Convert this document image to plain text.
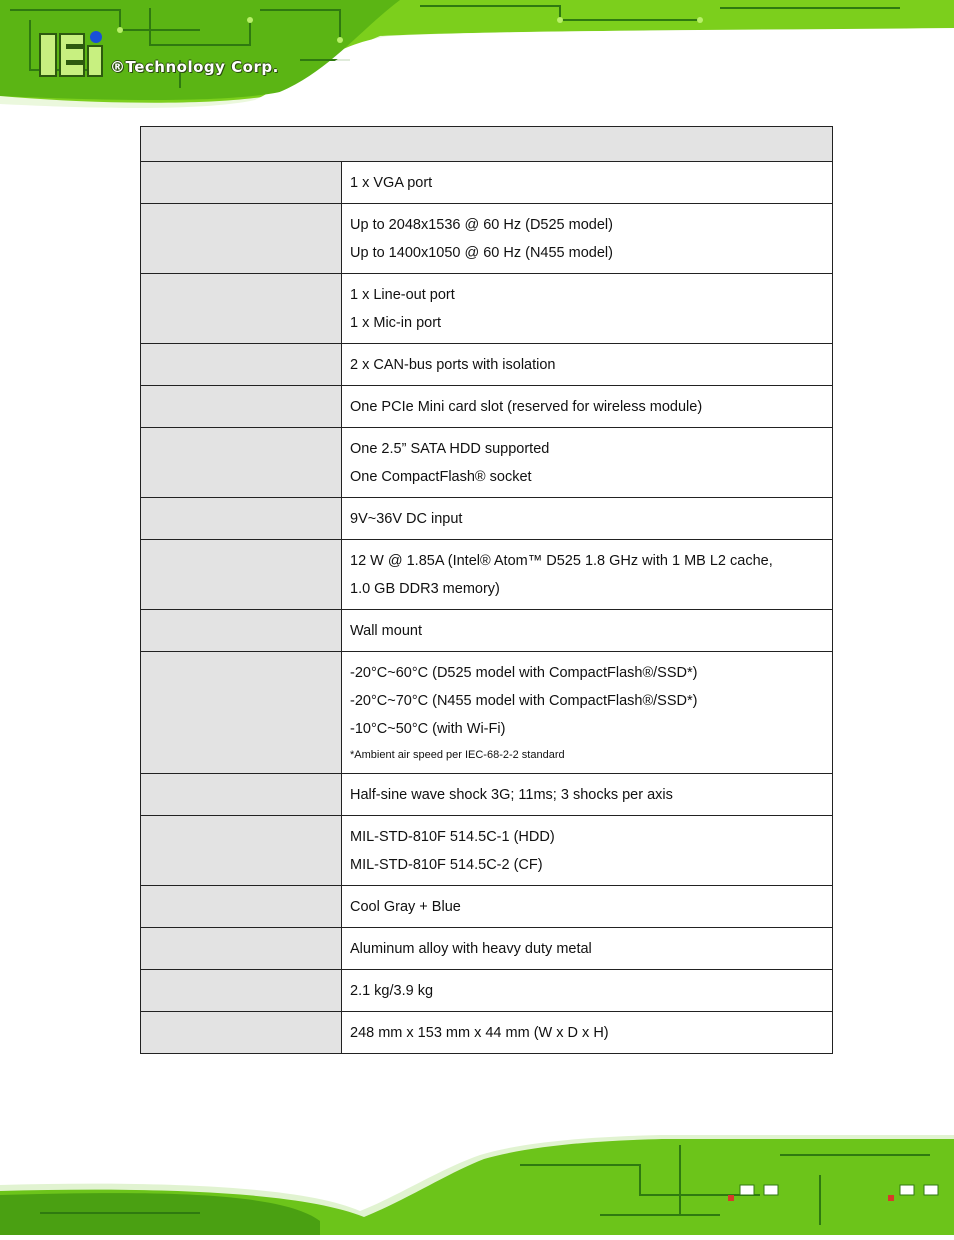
®Technology Corp.

	1 x VGA port

	Up to 2048x1536 @ 60 Hz (D525 model)
Up to 1400x1050 @ 60 Hz (N455 model)

	1 x Line-out port
1 x Mic-in port

	2 x CAN-bus ports with isolation

	One PCIe Mini card slot (reserved for wireless module)

	One 2.5” SATA HDD supported
One CompactFlash® socket

	9V~36V DC input

	12 W @ 1.85A (Intel® Atom™ D525 1.8 GHz with 1 MB L2 cache,
1.0 GB DDR3 memory)

	Wall mount

	-20°C~60°C (D525 model with CompactFlash®/SSD*)
-20°C~70°C (N455 model with CompactFlash®/SSD*)
-10°C~50°C (with Wi-Fi)
*Ambient air speed per IEC-68-2-2 standard

	Half-sine wave shock 3G; 11ms; 3 shocks per axis

	MIL-STD-810F 514.5C-1 (HDD)
MIL-STD-810F 514.5C-2 (CF)

	Cool Gray + Blue

	Aluminum alloy with heavy duty metal

	2.1 kg/3.9 kg

	248 mm x 153 mm x 44 mm (W x D x H)
